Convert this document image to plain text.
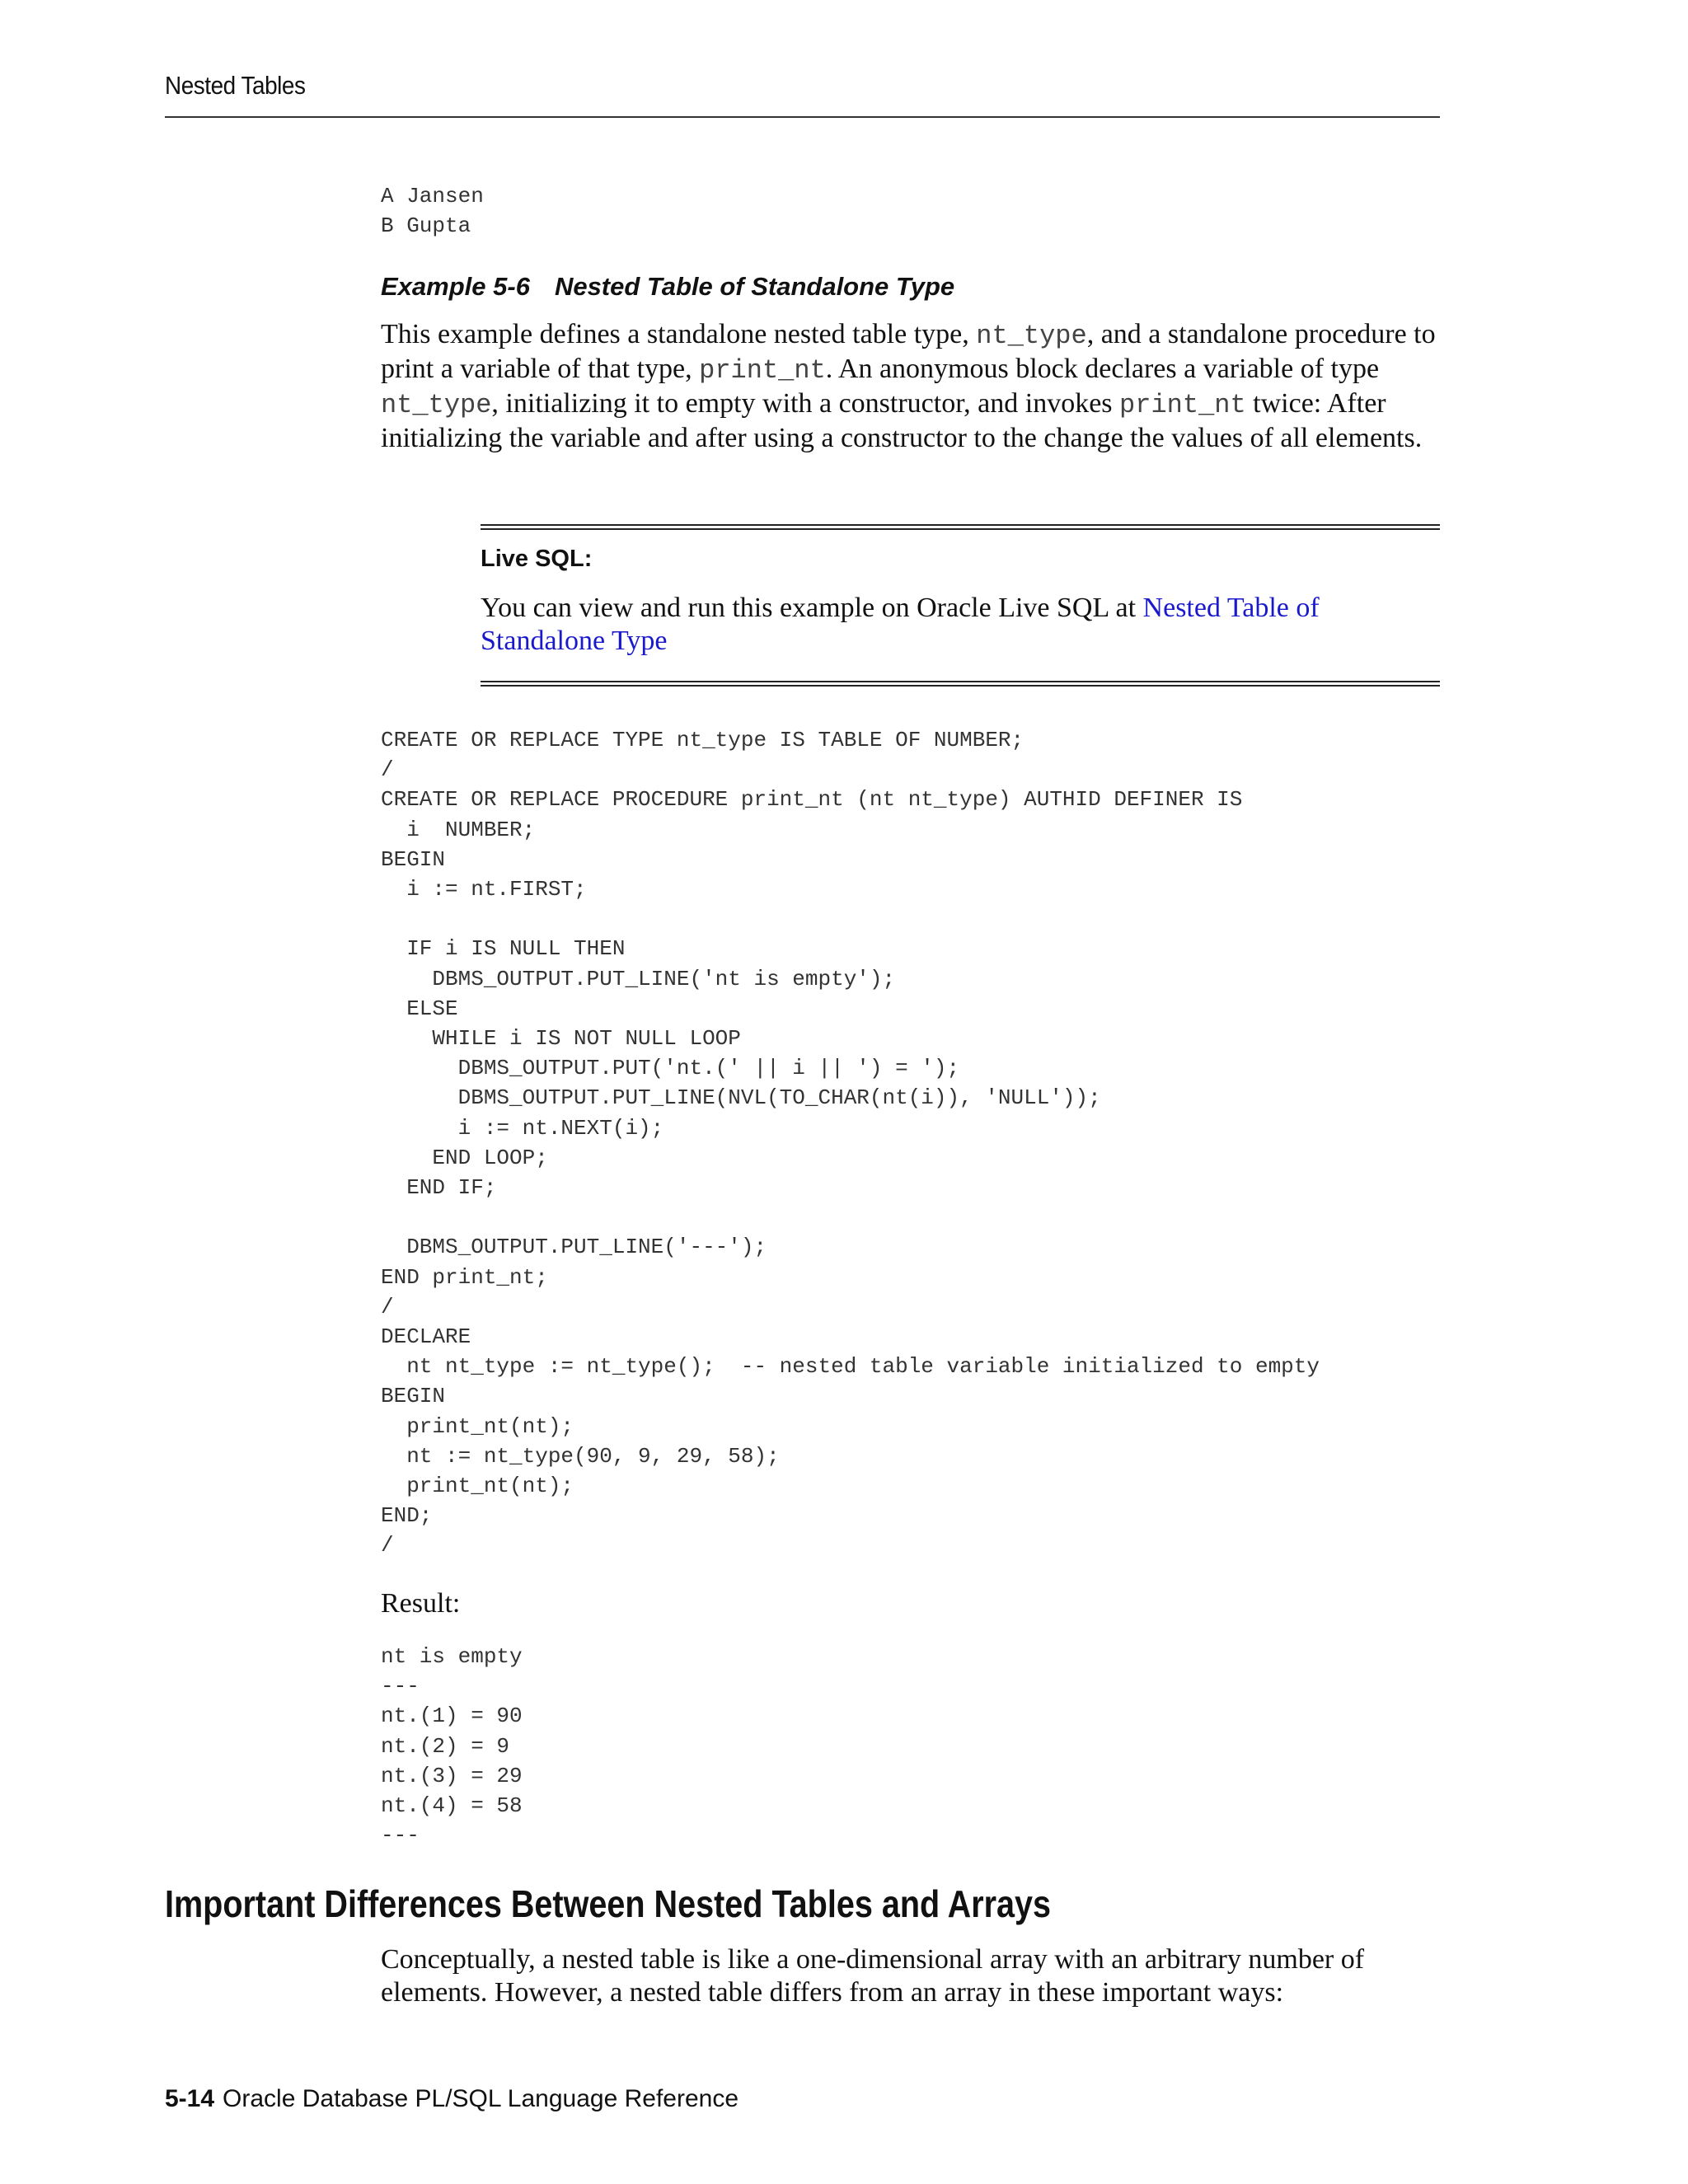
Nested Tables
A Jansen
B Gupta
Example 5-6 Nested Table of Standalone Type
This example defines a standalone nested table type, nt_type, and a standalone procedure to print a variable of that type, print_nt. An anonymous block declares a variable of type nt_type, initializing it to empty with a constructor, and invokes print_nt twice: After initializing the variable and after using a constructor to the change the values of all elements.
Live SQL:
You can view and run this example on Oracle Live SQL at Nested Table of Standalone Type
CREATE OR REPLACE TYPE nt_type IS TABLE OF NUMBER;
/
CREATE OR REPLACE PROCEDURE print_nt (nt nt_type) AUTHID DEFINER IS
i  NUMBER;
BEGIN
i := nt.FIRST;

IF i IS NULL THEN
DBMS_OUTPUT.PUT_LINE('nt is empty');
ELSE
WHILE i IS NOT NULL LOOP
DBMS_OUTPUT.PUT('nt.(' || i || ') = ');
DBMS_OUTPUT.PUT_LINE(NVL(TO_CHAR(nt(i)), 'NULL'));
i := nt.NEXT(i);
END LOOP;
END IF;

DBMS_OUTPUT.PUT_LINE('---');
END print_nt;
/
DECLARE
nt nt_type := nt_type();  -- nested table variable initialized to empty
BEGIN
print_nt(nt);
nt := nt_type(90, 9, 29, 58);
print_nt(nt);
END;
/
Result:
nt is empty
---
nt.(1) = 90
nt.(2) = 9
nt.(3) = 29
nt.(4) = 58
---
Important Differences Between Nested Tables and Arrays
Conceptually, a nested table is like a one-dimensional array with an arbitrary number of elements. However, a nested table differs from an array in these important ways:
5-14 Oracle Database PL/SQL Language Reference
